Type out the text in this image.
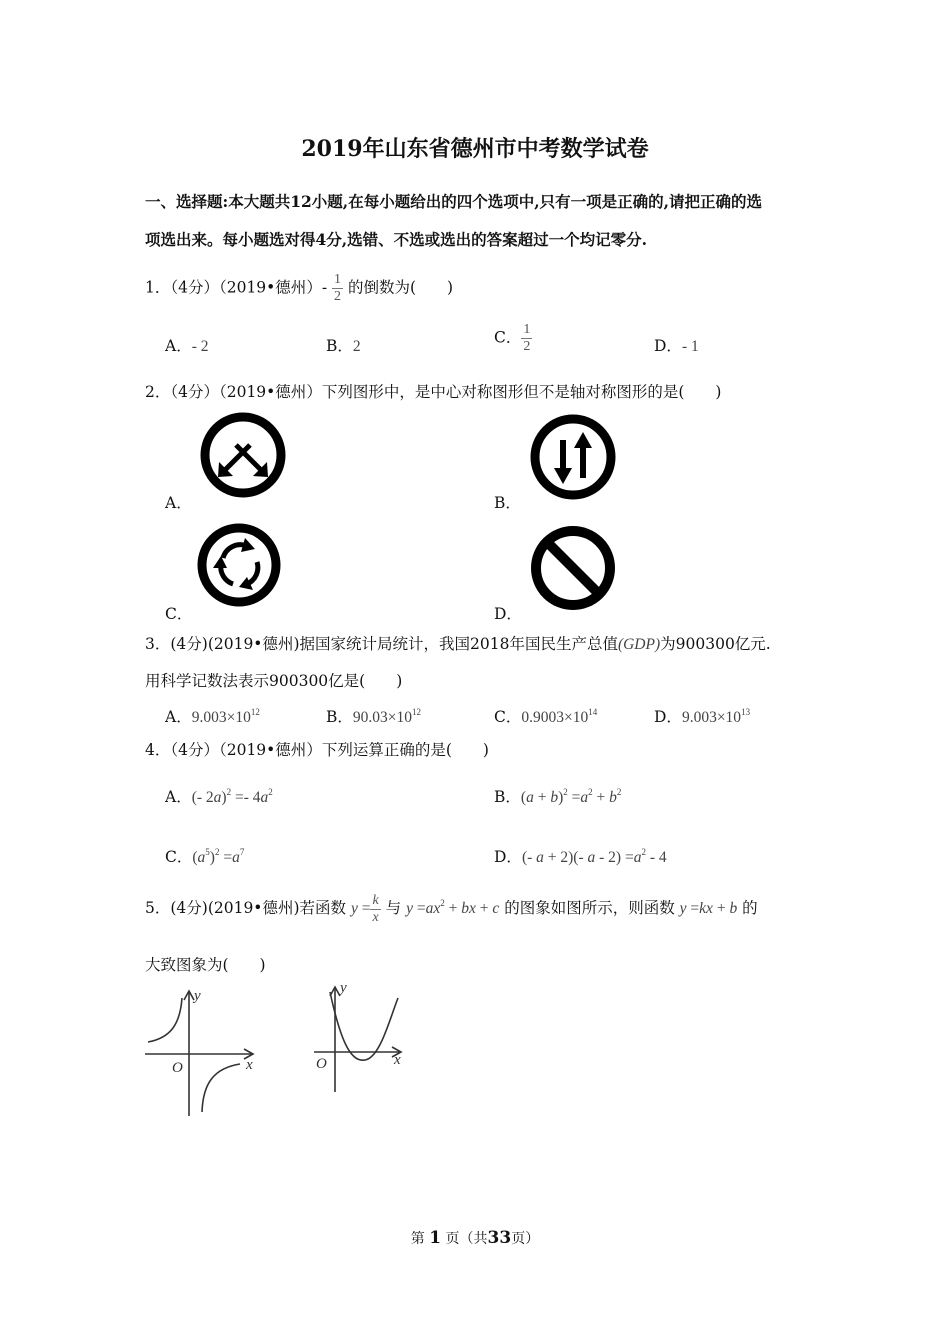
2019年山东省德州市中考数学试卷
一、选择题:本大题共12小题,在每小题给出的四个选项中,只有一项是正确的,请把正确的选
项选出来。每小题选对得4分,选错、不选或选出的答案超过一个均记零分.
1．（4分）（2019•德州）- $\frac{1}{2}$ 的倒数为(　　)
A．- 2	B．2	C． $\frac{1}{2}$	D．- 1
2．（4分）（2019•德州）下列图形中，是中心对称图形但不是轴对称图形的是(　　)
A．	B．
C．	D．
3．(4分)(2019•德州)据国家统计局统计，我国2018年国民生产总值(GDP)为900300亿元.
用科学记数法表示900300亿是(　　)
A．$9.003\times 10^{12}$	B．$90.03\times 10^{12}$	C．$0.9003\times 10^{14}$	D．$9.003\times 10^{13}$
4．（4分）（2019•德州）下列运算正确的是(　　)
A．(- $2a)^2 =- 4a^2$	B．$(a + b)^2 =a^2 + b^2$
C．$(a^5)^2 =a^7$	D．(- a + 2)(- $a - 2) =a^2 - 4$
5．(4分)(2019•德州)若函数 $y = \frac{k}{x}$ 与 $y =ax^2$ + bx + c 的图象如图所示，则函数 y =kx + b 的
大致图象为(　　)
y
x
O
y
x
O
第 1 页（共33页）
